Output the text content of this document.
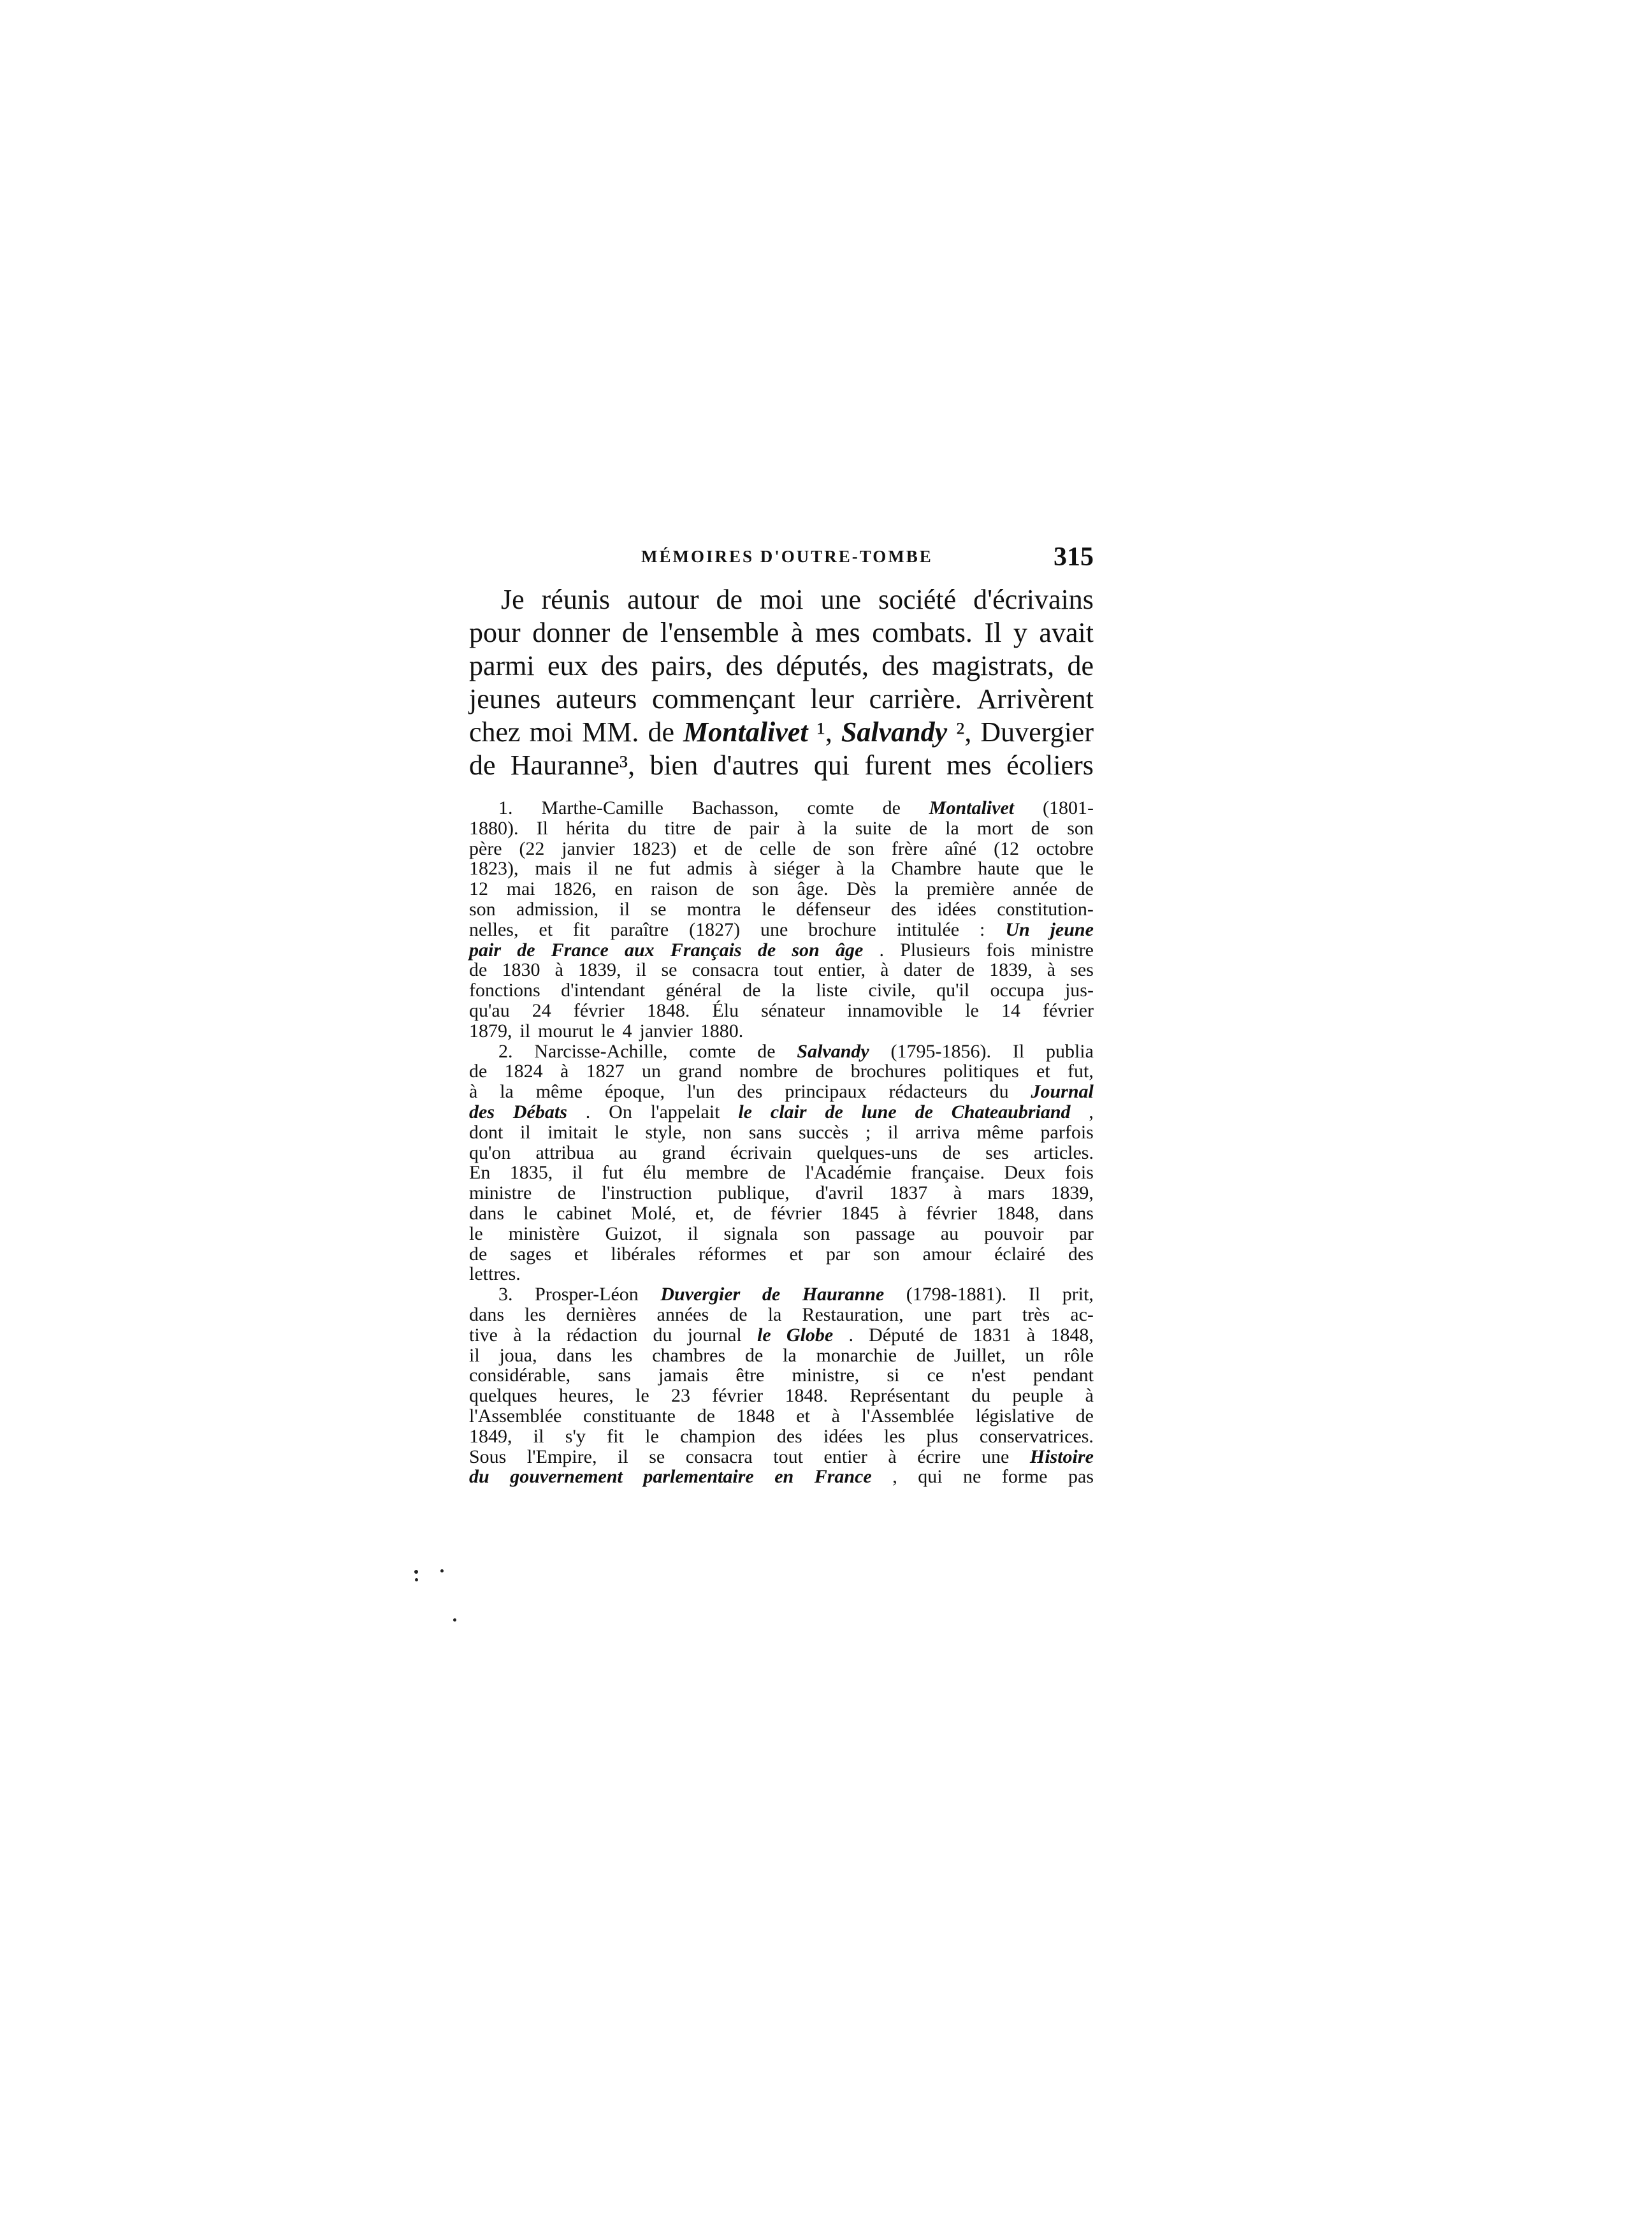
MÉMOIRES D'OUTRE-TOMBE	315
Je réunis autour de moi une société d'écrivains
pour donner de l'ensemble à mes combats. Il y avait
parmi eux des pairs, des députés, des magistrats, de
jeunes auteurs commençant leur carrière. Arrivèrent
chez moi MM. de Montalivet ¹, Salvandy ², Duvergier
de Hauranne³, bien d'autres qui furent mes écoliers
1. Marthe-Camille Bachasson, comte de Montalivet (1801-
1880). Il hérita du titre de pair à la suite de la mort de son
père (22 janvier 1823) et de celle de son frère aîné (12 octobre
1823), mais il ne fut admis à siéger à la Chambre haute que le
12 mai 1826, en raison de son âge. Dès la première année de
son admission, il se montra le défenseur des idées constitution-
nelles, et fit paraître (1827) une brochure intitulée : Un jeune
pair de France aux Français de son âge . Plusieurs fois ministre
de 1830 à 1839, il se consacra tout entier, à dater de 1839, à ses
fonctions d'intendant général de la liste civile, qu'il occupa jus-
qu'au 24 février 1848. Élu sénateur innamovible le 14 février
1879, il mourut le 4 janvier 1880.
2. Narcisse-Achille, comte de Salvandy (1795-1856). Il publia
de 1824 à 1827 un grand nombre de brochures politiques et fut,
à la même époque, l'un des principaux rédacteurs du Journal
des Débats . On l'appelait le clair de lune de Chateaubriand ,
dont il imitait le style, non sans succès ; il arriva même parfois
qu'on attribua au grand écrivain quelques-uns de ses articles.
En 1835, il fut élu membre de l'Académie française. Deux fois
ministre de l'instruction publique, d'avril 1837 à mars 1839,
dans le cabinet Molé, et, de février 1845 à février 1848, dans
le ministère Guizot, il signala son passage au pouvoir par
de sages et libérales réformes et par son amour éclairé des
lettres.
3. Prosper-Léon Duvergier de Hauranne (1798-1881). Il prit,
dans les dernières années de la Restauration, une part très ac-
tive à la rédaction du journal le Globe . Député de 1831 à 1848,
il joua, dans les chambres de la monarchie de Juillet, un rôle
considérable, sans jamais être ministre, si ce n'est pendant
quelques heures, le 23 février 1848. Représentant du peuple à
l'Assemblée constituante de 1848 et à l'Assemblée législative de
1849, il s'y fit le champion des idées les plus conservatrices.
Sous l'Empire, il se consacra tout entier à écrire une Histoire
du gouvernement parlementaire en France , qui ne forme pas
